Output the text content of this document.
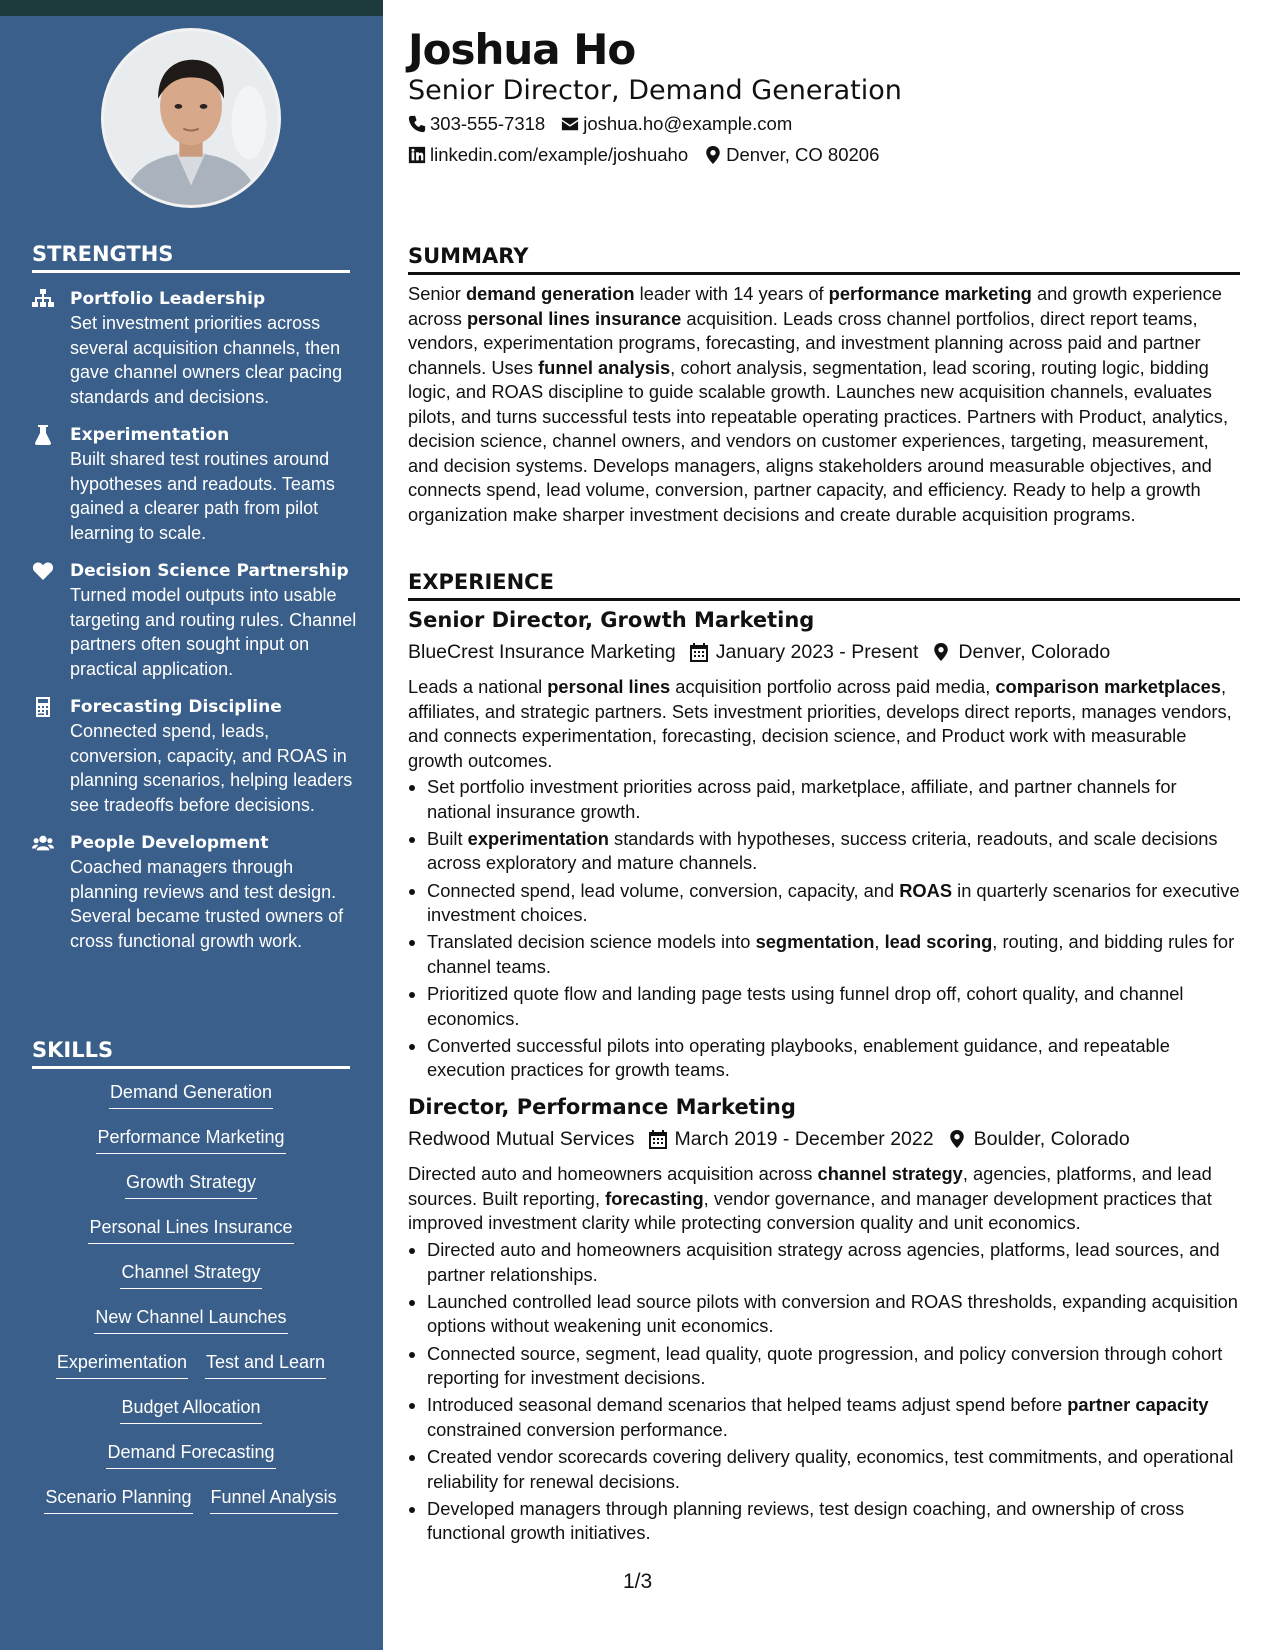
STRENGTHS
Portfolio Leadership
Set investment priorities across several acquisition channels, then gave channel owners clear pacing standards and decisions.
Experimentation
Built shared test routines around hypotheses and readouts. Teams gained a clearer path from pilot learning to scale.
Decision Science Partnership
Turned model outputs into usable targeting and routing rules. Channel partners often sought input on practical application.
Forecasting Discipline
Connected spend, leads, conversion, capacity, and ROAS in planning scenarios, helping leaders see tradeoffs before decisions.
People Development
Coached managers through planning reviews and test design. Several became trusted owners of cross functional growth work.
SKILLS
Demand Generation
Performance Marketing
Growth Strategy
Personal Lines Insurance
Channel Strategy
New Channel Launches
Experimentation Test and Learn
Budget Allocation
Demand Forecasting
Scenario Planning Funnel Analysis
Joshua Ho
Senior Director, Demand Generation
303-555-7318 joshua.ho@example.com
linkedin.com/example/joshuaho Denver, CO 80206
SUMMARY

Senior demand generation leader with 14 years of performance marketing and growth experience across personal lines insurance acquisition. Leads cross channel portfolios, direct report teams, vendors, experimentation programs, forecasting, and investment planning across paid and partner channels. Uses funnel analysis, cohort analysis, segmentation, lead scoring, routing logic, bidding logic, and ROAS discipline to guide scalable growth. Launches new acquisition channels, evaluates pilots, and turns successful tests into repeatable operating practices. Partners with Product, analytics, decision science, channel owners, and vendors on customer experiences, targeting, measurement, and decision systems. Develops managers, aligns stakeholders around measurable objectives, and connects spend, lead volume, conversion, partner capacity, and efficiency. Ready to help a growth organization make sharper investment decisions and create durable acquisition programs.

EXPERIENCE
Senior Director, Growth Marketing
BlueCrest Insurance Marketing January 2023 - Present Denver, Colorado

Leads a national personal lines acquisition portfolio across paid media, comparison marketplaces, affiliates, and strategic partners. Sets investment priorities, develops direct reports, manages vendors, and connects experimentation, forecasting, decision science, and Product work with measurable growth outcomes.

Set portfolio investment priorities across paid, marketplace, affiliate, and partner channels for national insurance growth.
Built experimentation standards with hypotheses, success criteria, readouts, and scale decisions across exploratory and mature channels.
Connected spend, lead volume, conversion, capacity, and ROAS in quarterly scenarios for executive investment choices.
Translated decision science models into segmentation, lead scoring, routing, and bidding rules for channel teams.
Prioritized quote flow and landing page tests using funnel drop off, cohort quality, and channel economics.
Converted successful pilots into operating playbooks, enablement guidance, and repeatable execution practices for growth teams.
Director, Performance Marketing
Redwood Mutual Services March 2019 - December 2022 Boulder, Colorado

Directed auto and homeowners acquisition across channel strategy, agencies, platforms, and lead sources. Built reporting, forecasting, vendor governance, and manager development practices that improved investment clarity while protecting conversion quality and unit economics.

Directed auto and homeowners acquisition strategy across agencies, platforms, lead sources, and partner relationships.
Launched controlled lead source pilots with conversion and ROAS thresholds, expanding acquisition options without weakening unit economics.
Connected source, segment, lead quality, quote progression, and policy conversion through cohort reporting for investment decisions.
Introduced seasonal demand scenarios that helped teams adjust spend before partner capacity constrained conversion performance.
Created vendor scorecards covering delivery quality, economics, test commitments, and operational reliability for renewal decisions.
Developed managers through planning reviews, test design coaching, and ownership of cross functional growth initiatives.
1/3
